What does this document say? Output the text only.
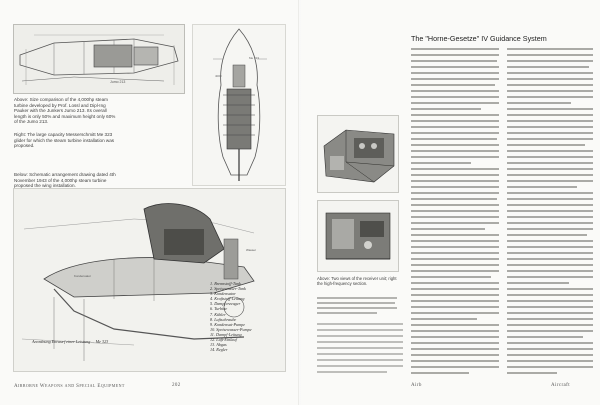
Jumo 213
Above: Size comparison of the 4,000hp steam turbine developed by Prof. Lossl and Dipl-Ing Pauker with the Junkers Jumo 213. Its overall length is only 50% and maximum height only 60% of the Jumo 213.
Right: The large capacity Messerschmitt Me 323 glider for which the steam turbine installation was proposed.
Below: Schematic arrangement drawing dated 4th November 1943 of the 4,000hp steam turbine proposed the wing installation.
Me 323
4000
Wasser
Kondensator
Anordnung Entwurf einer Leistung ... Me 323
1. Brennstoff-Tank
2. Speisewasser-Tank
3. Kondensator
4. Kraftstoff-Leitung
5. Dampferzeuger
6. Turbine
7. Kühler
8. Luftschraube
9. Kondensat-Pumpe
10. Speisewasser-Pumpe
11. Dampf-Leitung
12. Luft-Einlauf
13. Abgas
14. Regler
Airborne Weapons and Special Equipment	202
Above: Two views of the receiver unit; right the high-frequency section.
The "Horne-Gesetze" IV Guidance System
Airb	Aircraft
